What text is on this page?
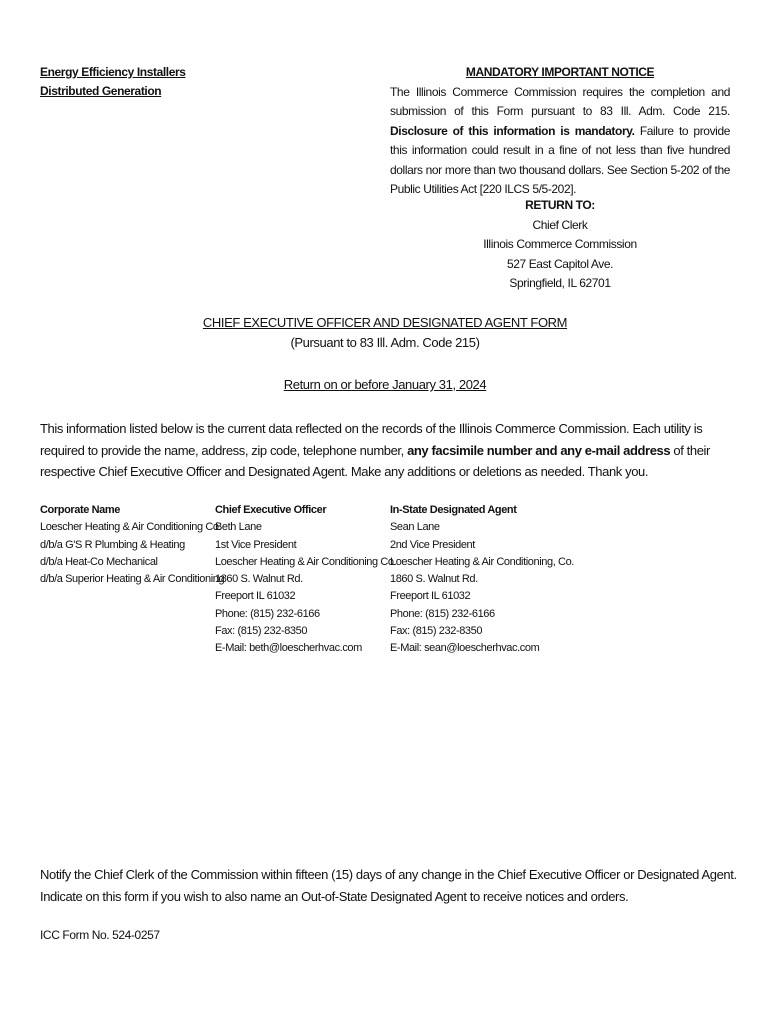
Energy Efficiency Installers
Distributed Generation
MANDATORY IMPORTANT NOTICE
The Illinois Commerce Commission requires the completion and submission of this Form pursuant to 83 Ill. Adm. Code 215. Disclosure of this information is mandatory. Failure to provide this information could result in a fine of not less than five hundred dollars nor more than two thousand dollars. See Section 5-202 of the Public Utilities Act [220 ILCS 5/5-202].
RETURN TO:
Chief Clerk
Illinois Commerce Commission
527 East Capitol Ave.
Springfield, IL 62701
CHIEF EXECUTIVE OFFICER AND DESIGNATED AGENT FORM
(Pursuant to 83 Ill. Adm. Code 215)
Return on or before January 31, 2024
This information listed below is the current data reflected on the records of the Illinois Commerce Commission. Each utility is required to provide the name, address, zip code, telephone number, any facsimile number and any e-mail address of their respective Chief Executive Officer and Designated Agent. Make any additions or deletions as needed. Thank you.
Corporate Name
Loescher Heating & Air Conditioning Co.
d/b/a G'S R Plumbing & Heating
d/b/a Heat-Co Mechanical
d/b/a Superior Heating & Air Conditioning
Chief Executive Officer
Beth Lane
1st Vice President
Loescher Heating & Air Conditioning Co.
1860 S. Walnut Rd.
Freeport IL 61032
Phone: (815) 232-6166
Fax: (815) 232-8350
E-Mail: beth@loescherhvac.com
In-State Designated Agent
Sean Lane
2nd Vice President
Loescher Heating & Air Conditioning, Co.
1860 S. Walnut Rd.
Freeport IL 61032
Phone: (815) 232-6166
Fax: (815) 232-8350
E-Mail: sean@loescherhvac.com
Notify the Chief Clerk of the Commission within fifteen (15) days of any change in the Chief Executive Officer or Designated Agent.
Indicate on this form if you wish to also name an Out-of-State Designated Agent to receive notices and orders.
ICC Form No. 524-0257
